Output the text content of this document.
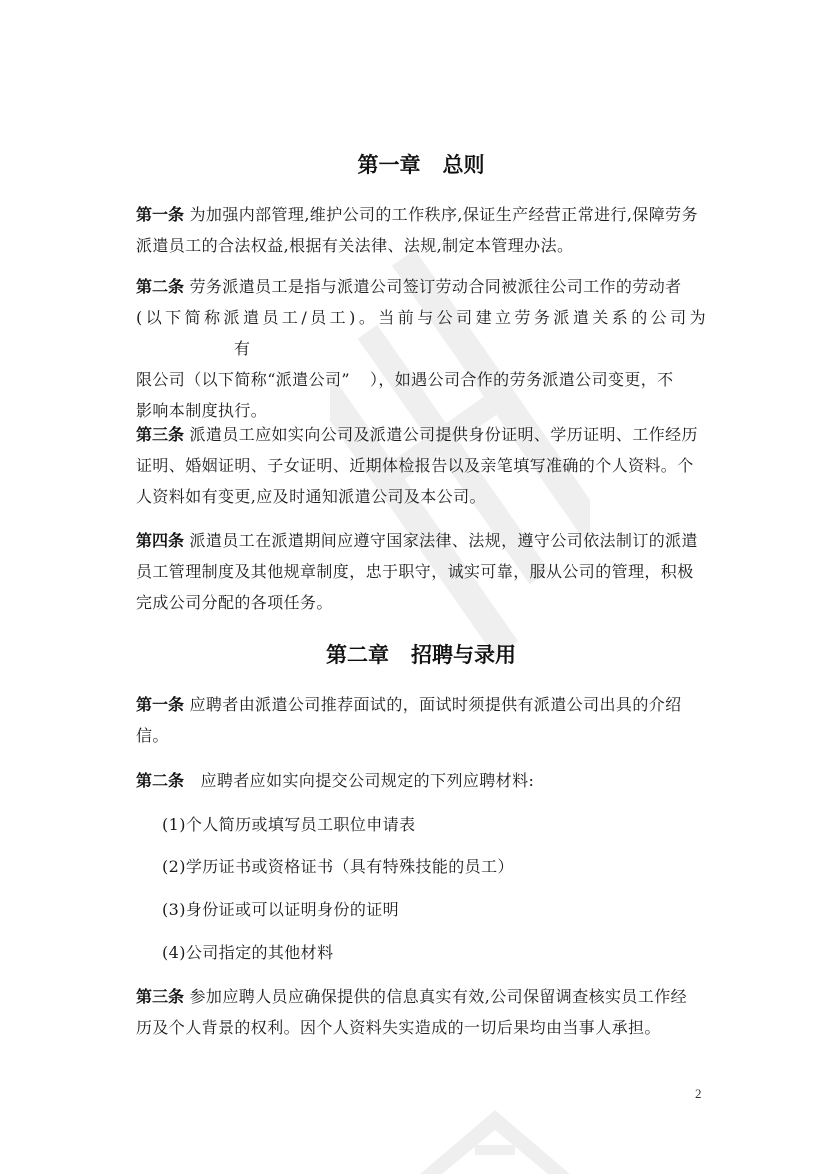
第一章 总则
第一条 为加强内部管理,维护公司的工作秩序,保证生产经营正常进行,保障劳务
派遣员工的合法权益,根据有关法律、法规,制定本管理办法。
第二条 劳务派遣员工是指与派遣公司签订劳动合同被派往公司工作的劳动者
(以下简称派遣员工/员工)。当前与公司建立劳务派遣关系的公司为有
限公司（以下简称“派遣公司” ），如遇公司合作的劳务派遣公司变更，不
影响本制度执行。
第三条 派遣员工应如实向公司及派遣公司提供身份证明、学历证明、工作经历
证明、婚姻证明、子女证明、近期体检报告以及亲笔填写准确的个人资料。个
人资料如有变更,应及时通知派遣公司及本公司。
第四条 派遣员工在派遣期间应遵守国家法律、法规，遵守公司依法制订的派遣
员工管理制度及其他规章制度，忠于职守，诚实可靠，服从公司的管理，积极
完成公司分配的各项任务。
第二章 招聘与录用
第一条 应聘者由派遣公司推荐面试的，面试时须提供有派遣公司出具的介绍
信。
第二条 应聘者应如实向提交公司规定的下列应聘材料:
(1)个人简历或填写员工职位申请表
(2)学历证书或资格证书（具有特殊技能的员工）
(3)身份证或可以证明身份的证明
(4)公司指定的其他材料
第三条 参加应聘人员应确保提供的信息真实有效,公司保留调查核实员工作经
历及个人背景的权利。因个人资料失实造成的一切后果均由当事人承担。
2
